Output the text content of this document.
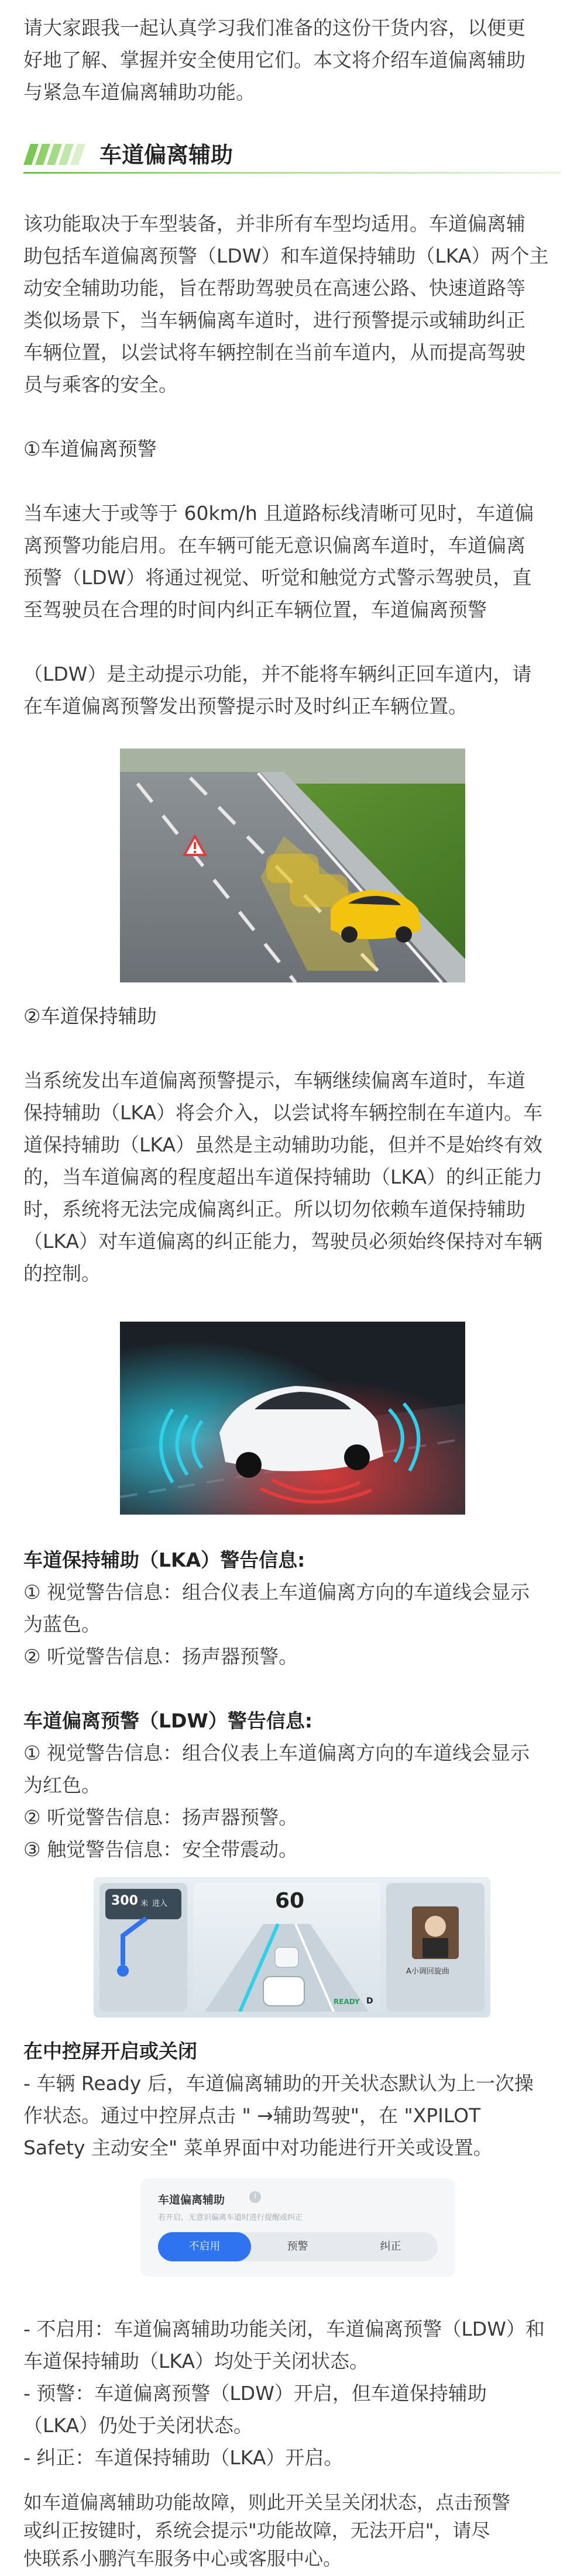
请大家跟我一起认真学习我们准备的这份干货内容，以便更
好地了解、掌握并安全使用它们。本文将介绍车道偏离辅助
与紧急车道偏离辅助功能。
车道偏离辅助
该功能取决于车型装备，并非所有车型均适用。车道偏离辅
助包括车道偏离预警（LDW）和车道保持辅助（LKA）两个主
动安全辅助功能，旨在帮助驾驶员在高速公路、快速道路等
类似场景下，当车辆偏离车道时，进行预警提示或辅助纠正
车辆位置，以尝试将车辆控制在当前车道内，从而提高驾驶
员与乘客的安全。
①车道偏离预警
当车速大于或等于 60km/h 且道路标线清晰可见时，车道偏
离预警功能启用。在车辆可能无意识偏离车道时，车道偏离
预警（LDW）将通过视觉、听觉和触觉方式警示驾驶员，直
至驾驶员在合理的时间内纠正车辆位置，车道偏离预警
（LDW）是主动提示功能，并不能将车辆纠正回车道内，请
在车道偏离预警发出预警提示时及时纠正车辆位置。
②车道保持辅助
当系统发出车道偏离预警提示，车辆继续偏离车道时，车道
保持辅助（LKA）将会介入，以尝试将车辆控制在车道内。车
道保持辅助（LKA）虽然是主动辅助功能，但并不是始终有效
的，当车道偏离的程度超出车道保持辅助（LKA）的纠正能力
时，系统将无法完成偏离纠正。所以切勿依赖车道保持辅助
（LKA）对车道偏离的纠正能力，驾驶员必须始终保持对车辆
的控制。
车道保持辅助（LKA）警告信息:
① 视觉警告信息：组合仪表上车道偏离方向的车道线会显示
为蓝色。
② 听觉警告信息：扬声器预警。
车道偏离预警（LDW）警告信息:
① 视觉警告信息：组合仪表上车道偏离方向的车道线会显示
为红色。
② 听觉警告信息：扬声器预警。
③ 触觉警告信息：安全带震动。
300 米 进入	60
READY D
A小调回旋曲
在中控屏开启或关闭
- 车辆 Ready 后，车道偏离辅助的开关状态默认为上一次操
作状态。通过中控屏点击 " →辅助驾驶"，在 "XPILOT
Safety 主动安全" 菜单界面中对功能进行开关或设置。
车道偏离辅助	i
若开启，无意识偏离车道时进行提醒或纠正
不启用	预警	纠正
- 不启用：车道偏离辅助功能关闭，车道偏离预警（LDW）和
车道保持辅助（LKA）均处于关闭状态。
- 预警：车道偏离预警（LDW）开启，但车道保持辅助
（LKA）仍处于关闭状态。
- 纠正：车道保持辅助（LKA）开启。
如车道偏离辅助功能故障，则此开关呈关闭状态，点击预警
或纠正按键时，系统会提示"功能故障，无法开启"，请尽
快联系小鹏汽车服务中心或客服中心。
